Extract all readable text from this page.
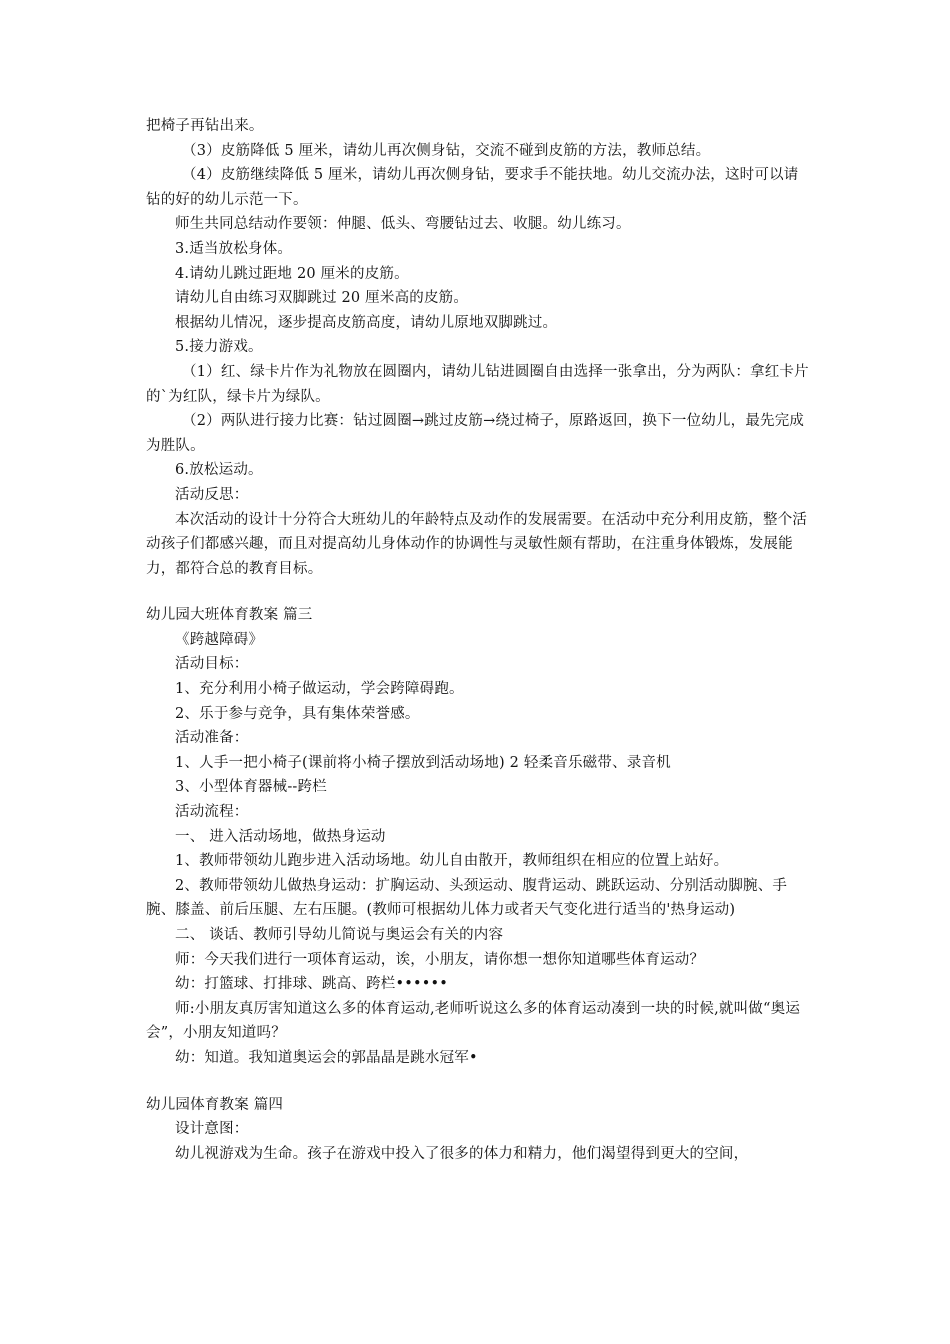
把椅子再钻出来。

（3）皮筋降低 5 厘米，请幼儿再次侧身钻，交流不碰到皮筋的方法，教师总结。

（4）皮筋继续降低 5 厘米，请幼儿再次侧身钻，要求手不能扶地。幼儿交流办法，这时可以请钻的好的幼儿示范一下。

师生共同总结动作要领：伸腿、低头、弯腰钻过去、收腿。幼儿练习。

3.适当放松身体。

4.请幼儿跳过距地 20 厘米的皮筋。

请幼儿自由练习双脚跳过 20 厘米高的皮筋。

根据幼儿情况，逐步提高皮筋高度，请幼儿原地双脚跳过。

5.接力游戏。

（1）红、绿卡片作为礼物放在圆圈内，请幼儿钻进圆圈自由选择一张拿出，分为两队：拿红卡片的`为红队，绿卡片为绿队。

（2）两队进行接力比赛：钻过圆圈→跳过皮筋→绕过椅子，原路返回，换下一位幼儿，最先完成为胜队。

6.放松运动。

活动反思：

本次活动的设计十分符合大班幼儿的年龄特点及动作的发展需要。在活动中充分利用皮筋，整个活动孩子们都感兴趣，而且对提高幼儿身体动作的协调性与灵敏性颇有帮助，在注重身体锻炼，发展能力，都符合总的教育目标。

幼儿园大班体育教案 篇三

《跨越障碍》

活动目标：

1、充分利用小椅子做运动，学会跨障碍跑。

2、乐于参与竞争，具有集体荣誉感。

活动准备：

1、人手一把小椅子(课前将小椅子摆放到活动场地) 2 轻柔音乐磁带、录音机

3、小型体育器械--跨栏

活动流程：

一、 进入活动场地，做热身运动

1、教师带领幼儿跑步进入活动场地。幼儿自由散开，教师组织在相应的位置上站好。

2、教师带领幼儿做热身运动：扩胸运动、头颈运动、腹背运动、跳跃运动、分别活动脚腕、手腕、膝盖、前后压腿、左右压腿。(教师可根据幼儿体力或者天气变化进行适当的'热身运动)

二、 谈话、教师引导幼儿简说与奥运会有关的内容

师：今天我们进行一项体育运动，诶，小朋友，请你想一想你知道哪些体育运动？

幼：打篮球、打排球、跳高、跨栏••••••

师:小朋友真厉害知道这么多的体育运动,老师听说这么多的体育运动凑到一块的时候,就叫做“奥运会”，小朋友知道吗？

幼：知道。我知道奥运会的郭晶晶是跳水冠军•

幼儿园体育教案 篇四

设计意图：

幼儿视游戏为生命。孩子在游戏中投入了很多的体力和精力，他们渴望得到更大的空间，
